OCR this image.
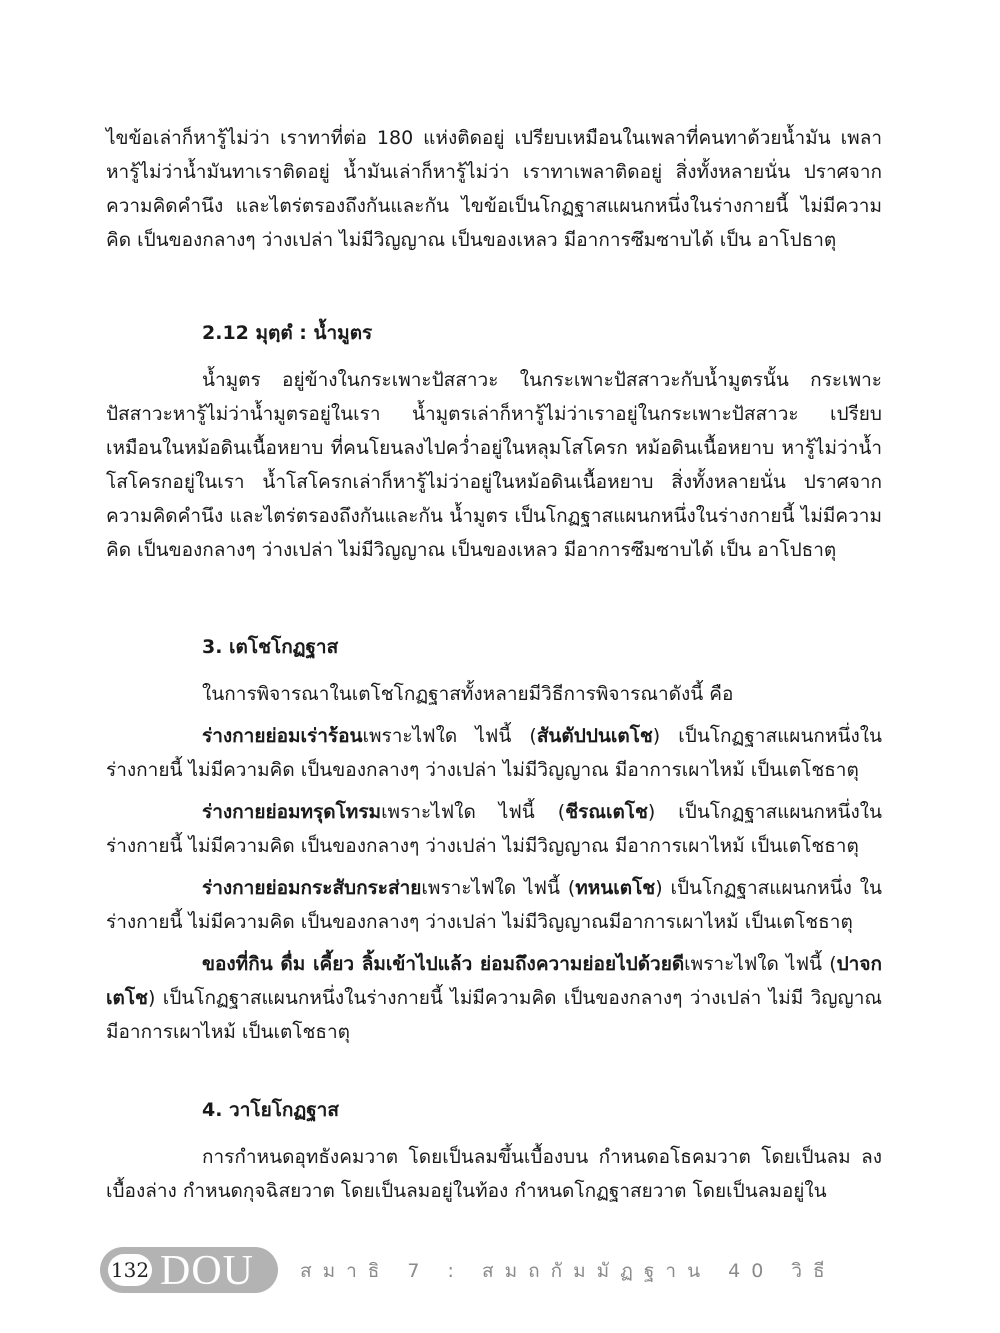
ไขข้อเล่าก็หารู้ไม่ว่า เราทาที่ต่อ 180 แห่งติดอยู่ เปรียบเหมือนในเพลาที่คนทาด้วยน้ำมัน เพลา หารู้ไม่ว่าน้ำมันทาเราติดอยู่ น้ำมันเล่าก็หารู้ไม่ว่า เราทาเพลาติดอยู่ สิ่งทั้งหลายนั่น ปราศจากความคิดคำนึง และไตร่ตรองถึงกันและกัน ไขข้อเป็นโกฏฐาสแผนกหนึ่งในร่างกายนี้ ไม่มีความคิด เป็นของกลางๆ ว่างเปล่า ไม่มีวิญญาณ เป็นของเหลว มีอาการซึมซาบได้ เป็น อาโปธาตุ

2.12 มุตฺตํ : น้ำมูตร

น้ำมูตร อยู่ข้างในกระเพาะปัสสาวะ ในกระเพาะปัสสาวะกับน้ำมูตรนั้น กระเพาะ ปัสสาวะหารู้ไม่ว่าน้ำมูตรอยู่ในเรา น้ำมูตรเล่าก็หารู้ไม่ว่าเราอยู่ในกระเพาะปัสสาวะ เปรียบเหมือนในหม้อดินเนื้อหยาบ ที่คนโยนลงไปคว่ำอยู่ในหลุมโสโครก หม้อดินเนื้อหยาบ หารู้ไม่ว่าน้ำโสโครกอยู่ในเรา น้ำโสโครกเล่าก็หารู้ไม่ว่าอยู่ในหม้อดินเนื้อหยาบ สิ่งทั้งหลายนั่น ปราศจากความคิดคำนึง และไตร่ตรองถึงกันและกัน น้ำมูตร เป็นโกฏฐาสแผนกหนึ่งในร่างกายนี้ ไม่มีความคิด เป็นของกลางๆ ว่างเปล่า ไม่มีวิญญาณ เป็นของเหลว มีอาการซึมซาบได้ เป็น อาโปธาตุ

3. เตโชโกฏฐาส

ในการพิจารณาในเตโชโกฏฐาสทั้งหลายมีวิธีการพิจารณาดังนี้ คือ

ร่างกายย่อมเร่าร้อนเพราะไฟใด ไฟนี้ (สันตัปปนเตโช) เป็นโกฏฐาสแผนกหนึ่งใน ร่างกายนี้ ไม่มีความคิด เป็นของกลางๆ ว่างเปล่า ไม่มีวิญญาณ มีอาการเผาไหม้ เป็นเตโชธาตุ

ร่างกายย่อมทรุดโทรมเพราะไฟใด ไฟนี้ (ชีรณเตโช) เป็นโกฏฐาสแผนกหนึ่งใน ร่างกายนี้ ไม่มีความคิด เป็นของกลางๆ ว่างเปล่า ไม่มีวิญญาณ มีอาการเผาไหม้ เป็นเตโชธาตุ

ร่างกายย่อมกระสับกระส่ายเพราะไฟใด ไฟนี้ (ทหนเตโช) เป็นโกฏฐาสแผนกหนึ่ง ในร่างกายนี้ ไม่มีความคิด เป็นของกลางๆ ว่างเปล่า ไม่มีวิญญาณมีอาการเผาไหม้ เป็นเตโชธาตุ

ของที่กิน ดื่ม เคี้ยว ลิ้มเข้าไปแล้ว ย่อมถึงความย่อยไปด้วยดีเพราะไฟใด ไฟนี้ (ปาจกเตโช) เป็นโกฏฐาสแผนกหนึ่งในร่างกายนี้ ไม่มีความคิด เป็นของกลางๆ ว่างเปล่า ไม่มี วิญญาณ มีอาการเผาไหม้ เป็นเตโชธาตุ

4. วาโยโกฏฐาส

การกำหนดอุทธังคมวาต โดยเป็นลมขึ้นเบื้องบน กำหนดอโธคมวาต โดยเป็นลม ลงเบื้องล่าง กำหนดกุจฉิสยวาต โดยเป็นลมอยู่ในท้อง กำหนดโกฏฐาสยวาต โดยเป็นลมอยู่ใน

132 DOU สมาธิ 7 : สมถกัมมัฏฐาน 40 วิธี
